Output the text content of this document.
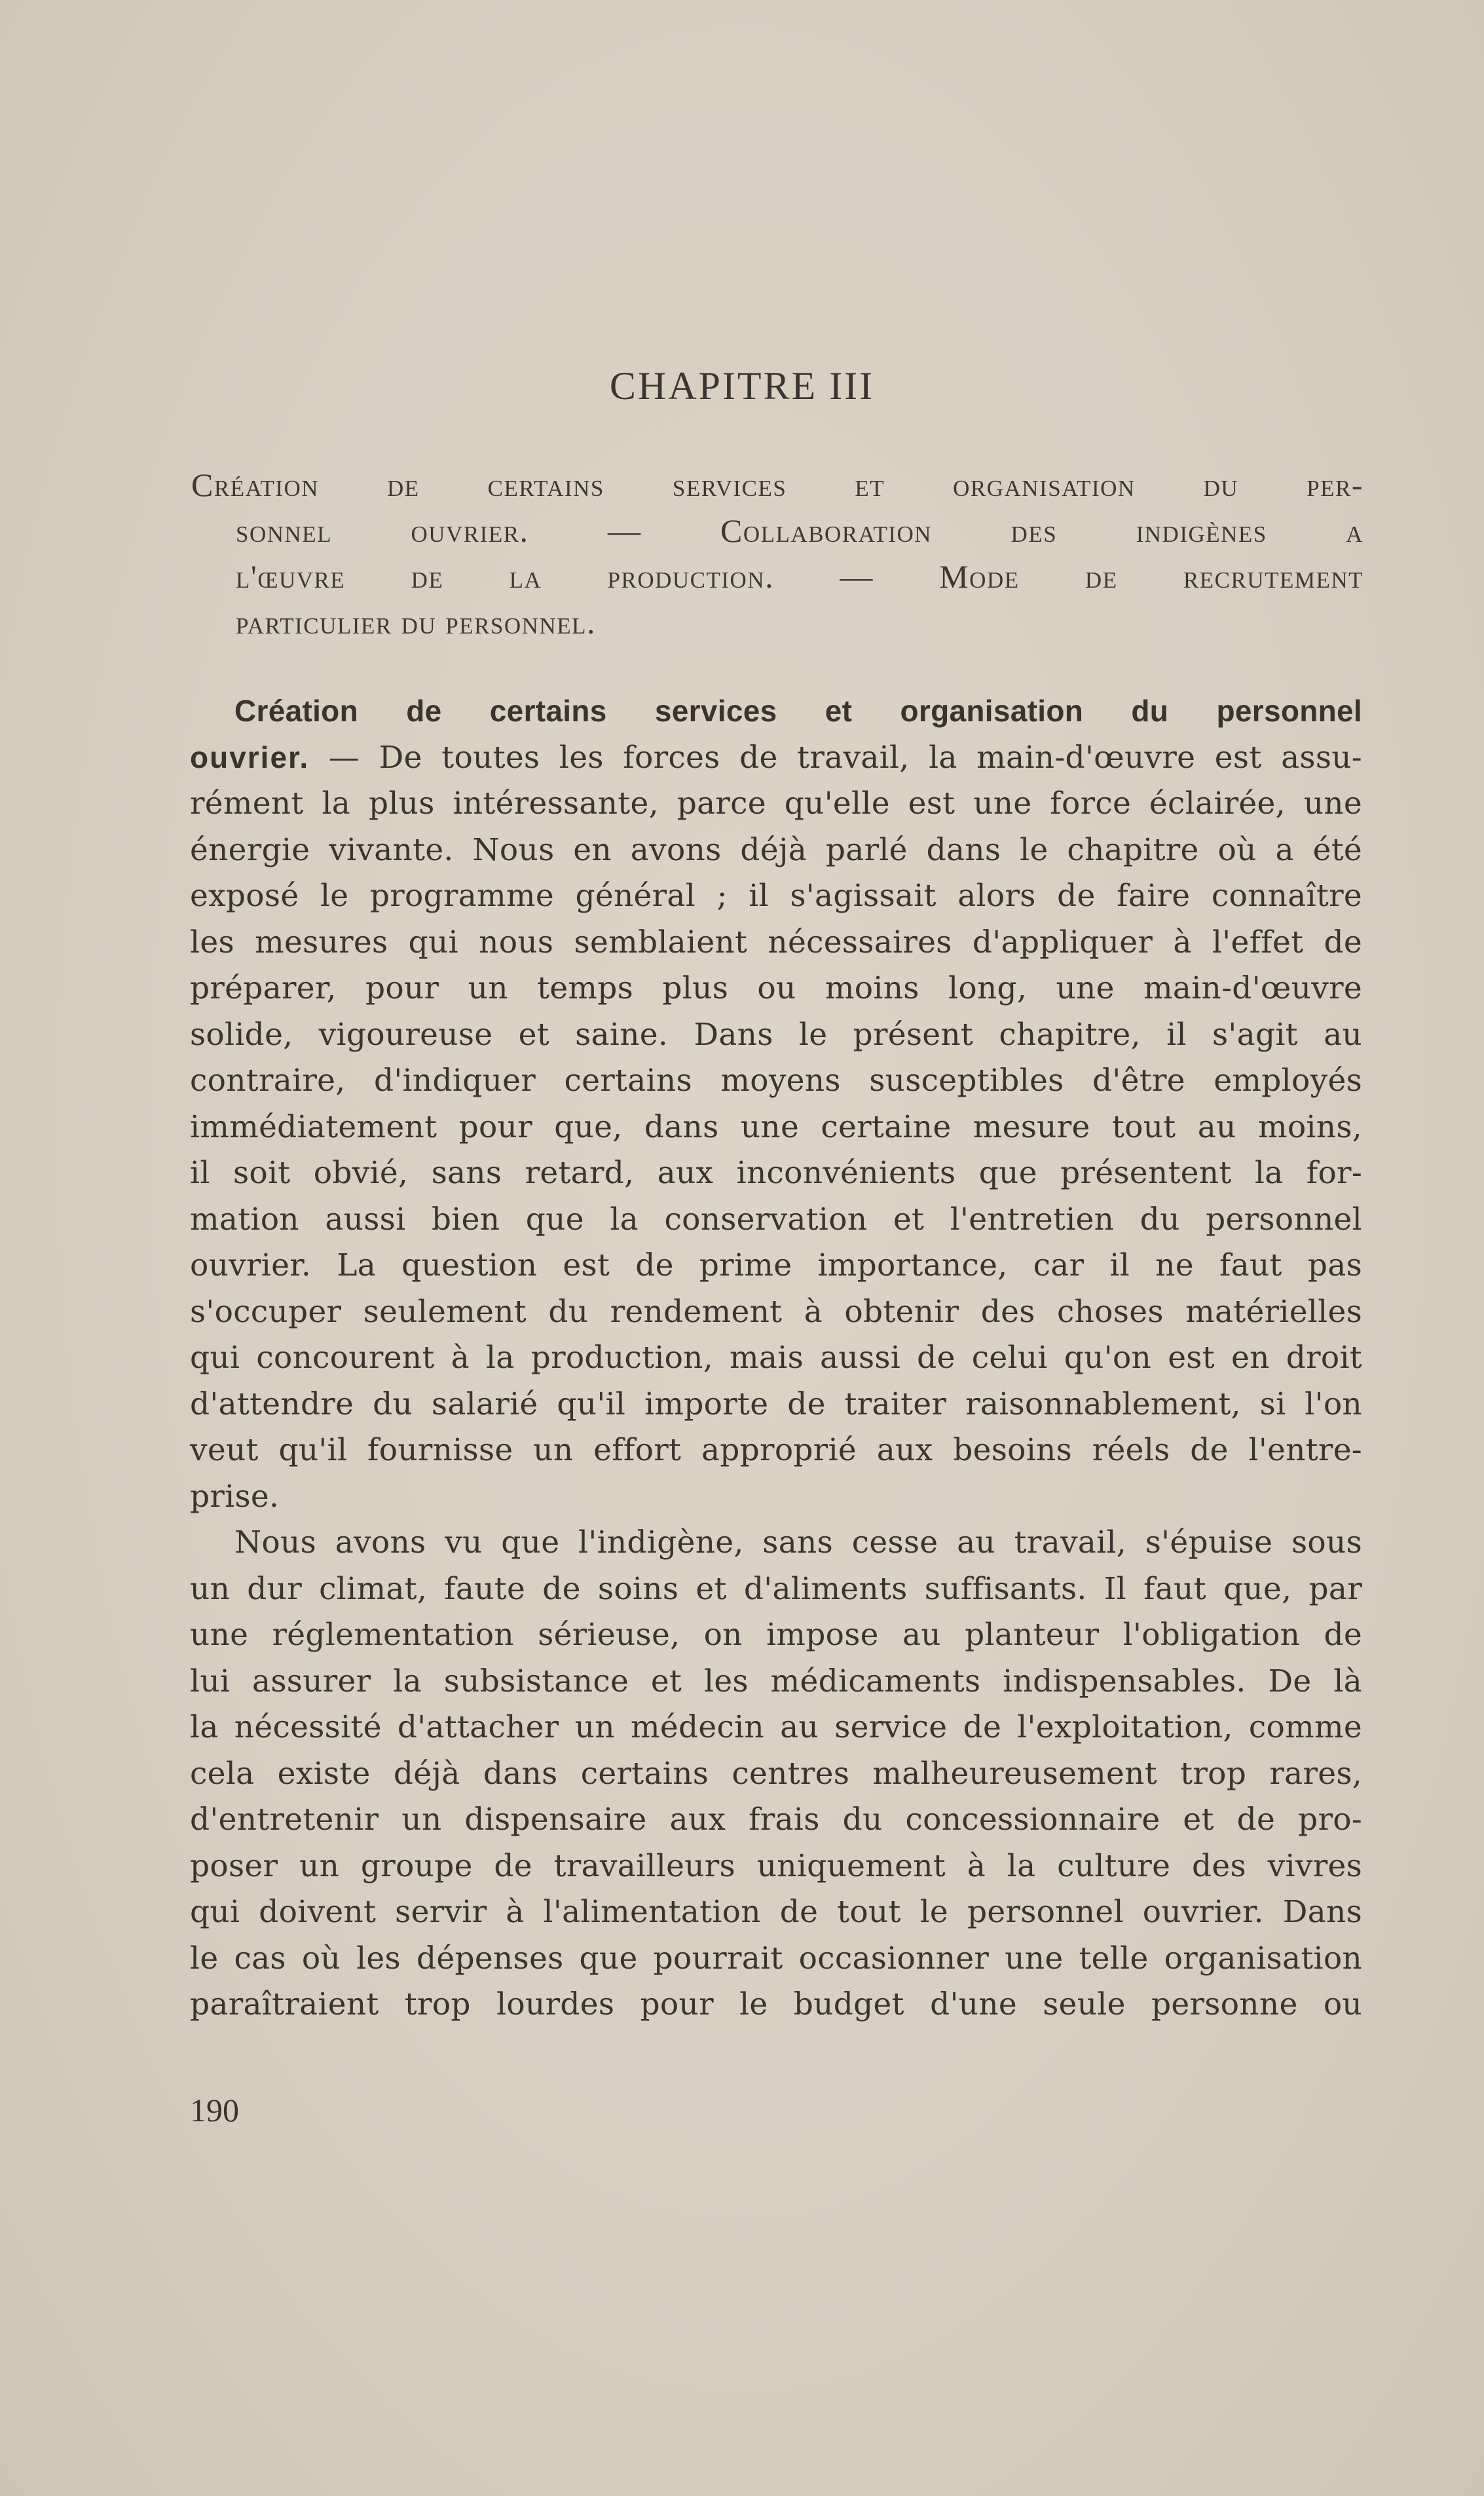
CHAPITRE III
Création de certains services et organisation du per-
sonnel ouvrier. — Collaboration des indigènes a
l'œuvre de la production. — Mode de recrutement
particulier du personnel.
Création de certains services et organisation du personnel
ouvrier. — De toutes les forces de travail, la main-d'œuvre est assu-
rément la plus intéressante, parce qu'elle est une force éclairée, une
énergie vivante. Nous en avons déjà parlé dans le chapitre où a été
exposé le programme général ; il s'agissait alors de faire connaître
les mesures qui nous semblaient nécessaires d'appliquer à l'effet de
préparer, pour un temps plus ou moins long, une main-d'œuvre
solide, vigoureuse et saine. Dans le présent chapitre, il s'agit au
contraire, d'indiquer certains moyens susceptibles d'être employés
immédiatement pour que, dans une certaine mesure tout au moins,
il soit obvié, sans retard, aux inconvénients que présentent la for-
mation aussi bien que la conservation et l'entretien du personnel
ouvrier. La question est de prime importance, car il ne faut pas
s'occuper seulement du rendement à obtenir des choses matérielles
qui concourent à la production, mais aussi de celui qu'on est en droit
d'attendre du salarié qu'il importe de traiter raisonnablement, si l'on
veut qu'il fournisse un effort approprié aux besoins réels de l'entre-
prise.
Nous avons vu que l'indigène, sans cesse au travail, s'épuise sous
un dur climat, faute de soins et d'aliments suffisants. Il faut que, par
une réglementation sérieuse, on impose au planteur l'obligation de
lui assurer la subsistance et les médicaments indispensables. De là
la nécessité d'attacher un médecin au service de l'exploitation, comme
cela existe déjà dans certains centres malheureusement trop rares,
d'entretenir un dispensaire aux frais du concessionnaire et de pro-
poser un groupe de travailleurs uniquement à la culture des vivres
qui doivent servir à l'alimentation de tout le personnel ouvrier. Dans
le cas où les dépenses que pourrait occasionner une telle organisation
paraîtraient trop lourdes pour le budget d'une seule personne ou
190
